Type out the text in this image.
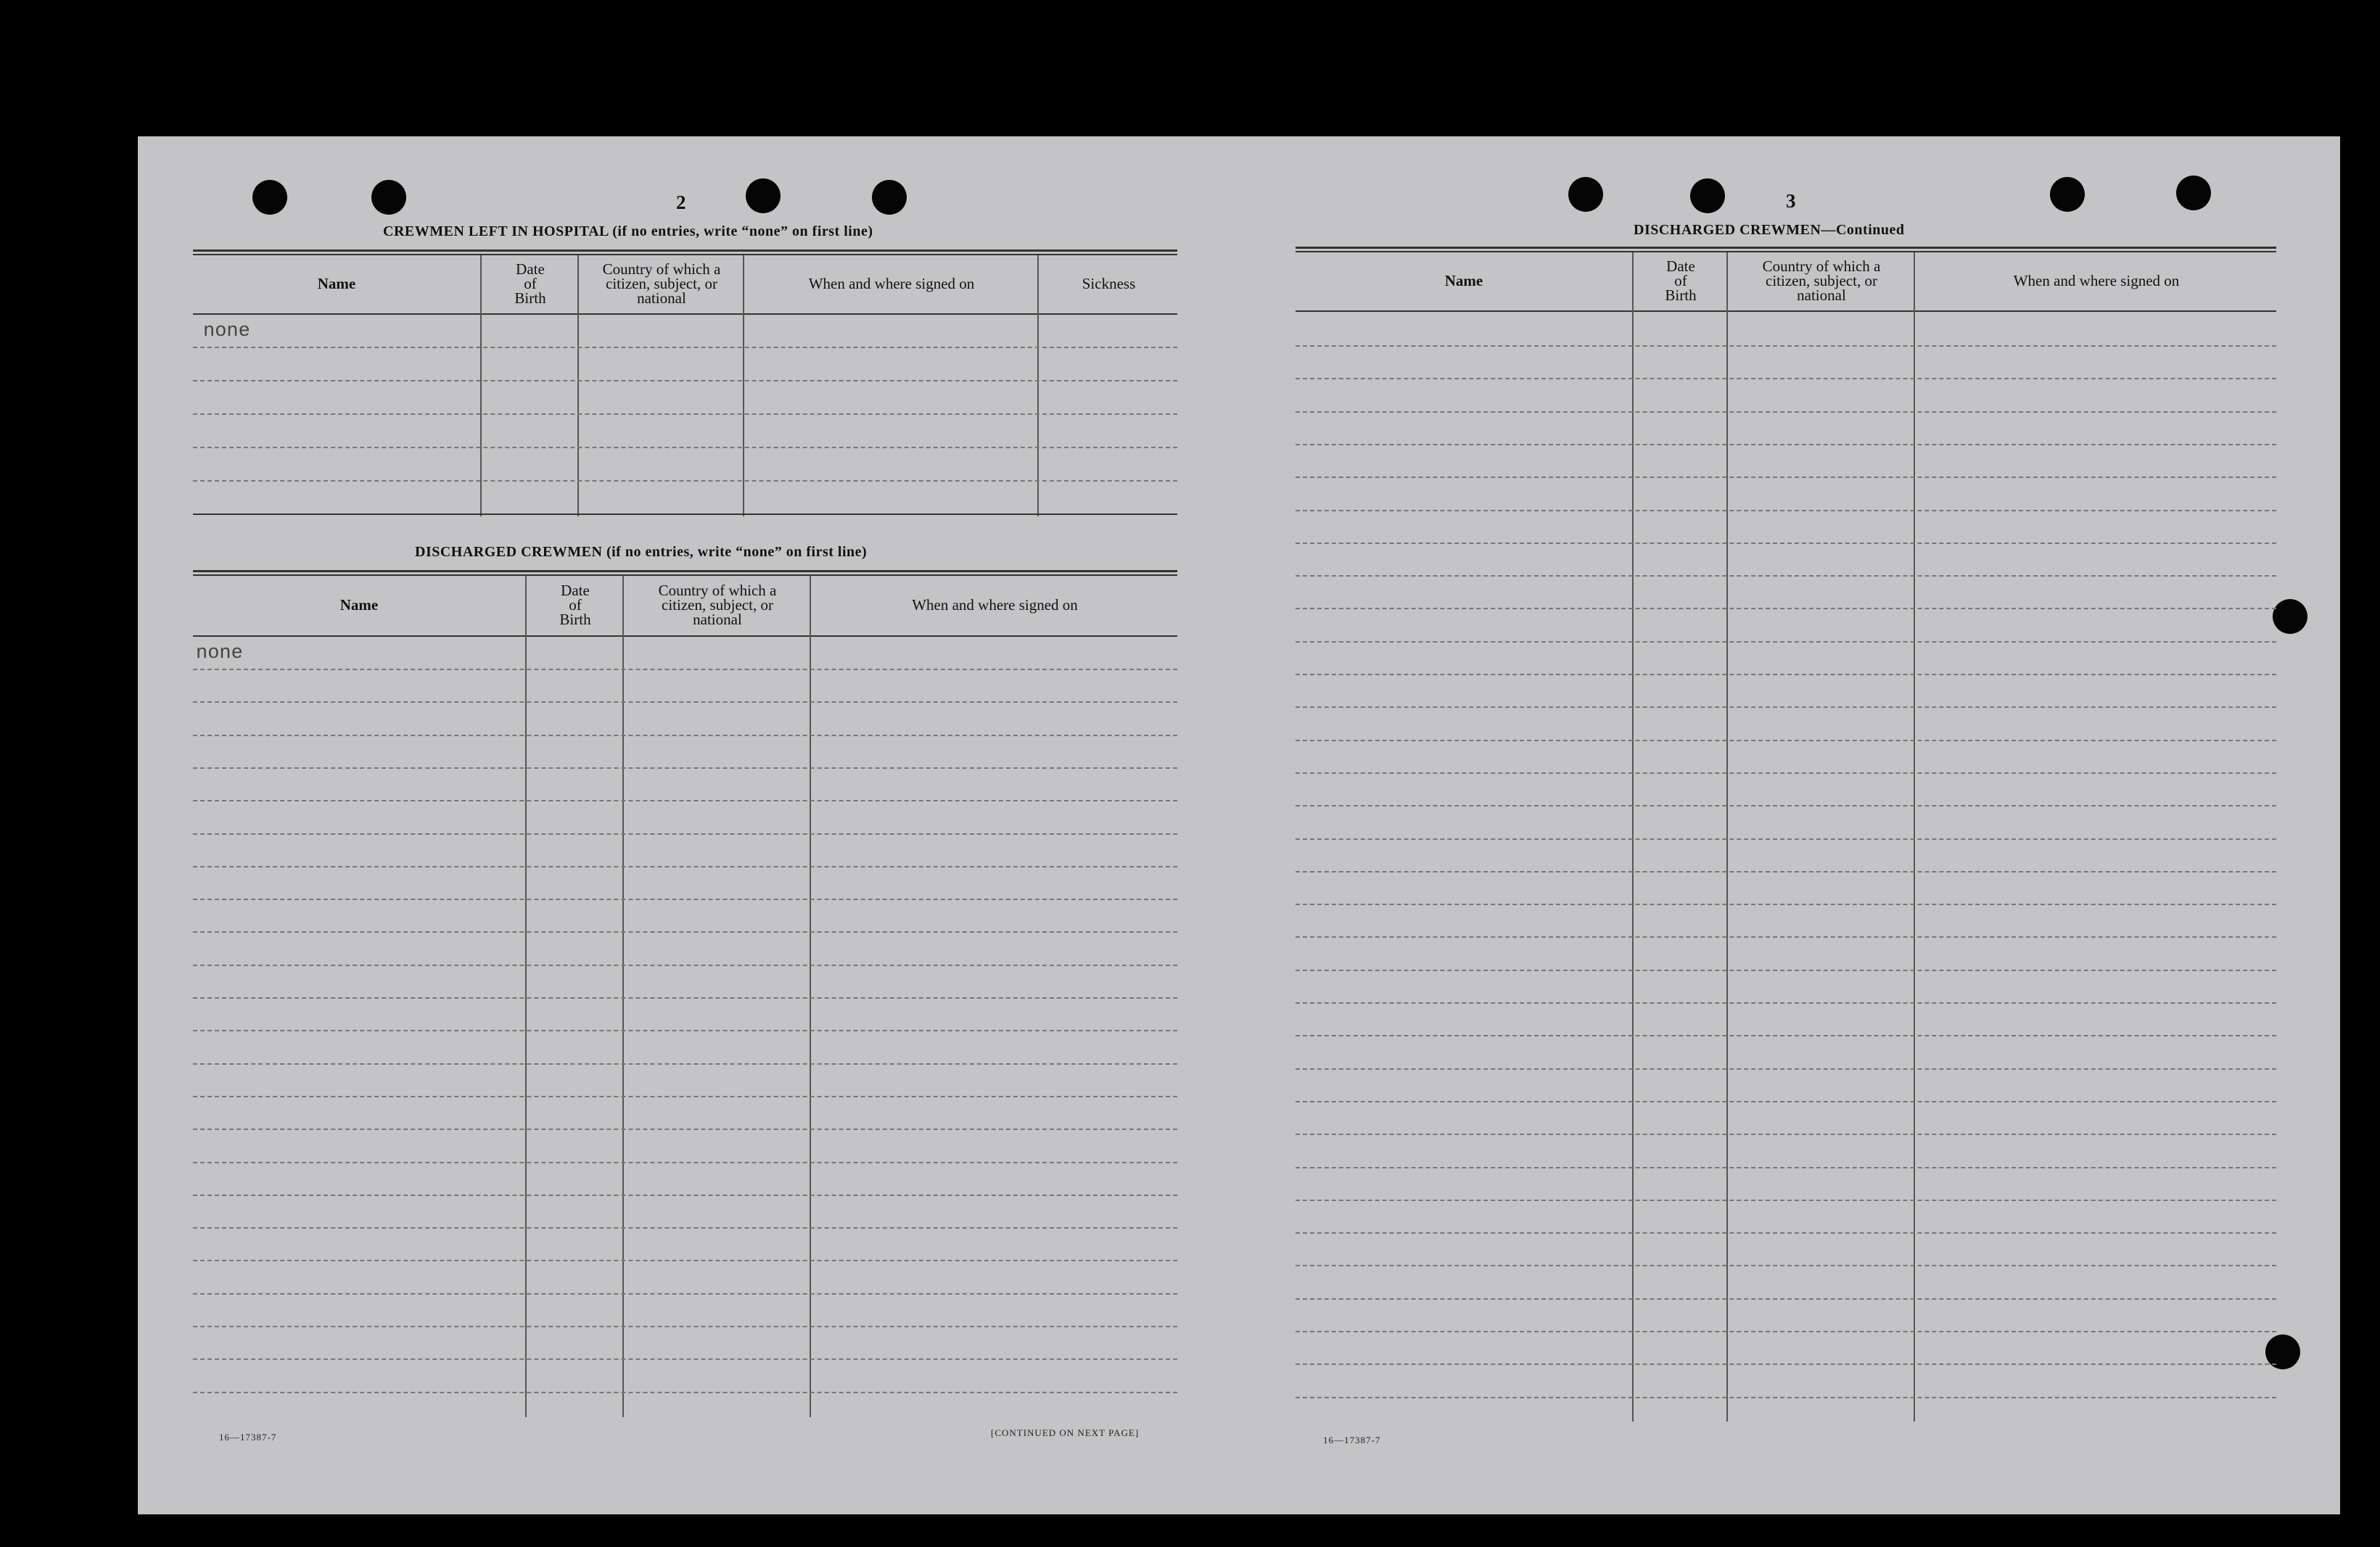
2
CREWMEN LEFT IN HOSPITAL (if no entries, write “none” on first line)
Name
Date
of
Birth
Country of which a
citizen, subject, or
national
When and where signed on	Sickness
none
DISCHARGED CREWMEN (if no entries, write “none” on first line)
Name
Date
of
Birth
Country of which a
citizen, subject, or
national
When and where signed on
none
16—17387-7	[CONTINUED ON NEXT PAGE]
3
DISCHARGED CREWMEN—Continued
Name
Date
of
Birth
Country of which a
citizen, subject, or
national
When and where signed on
16—17387-7
